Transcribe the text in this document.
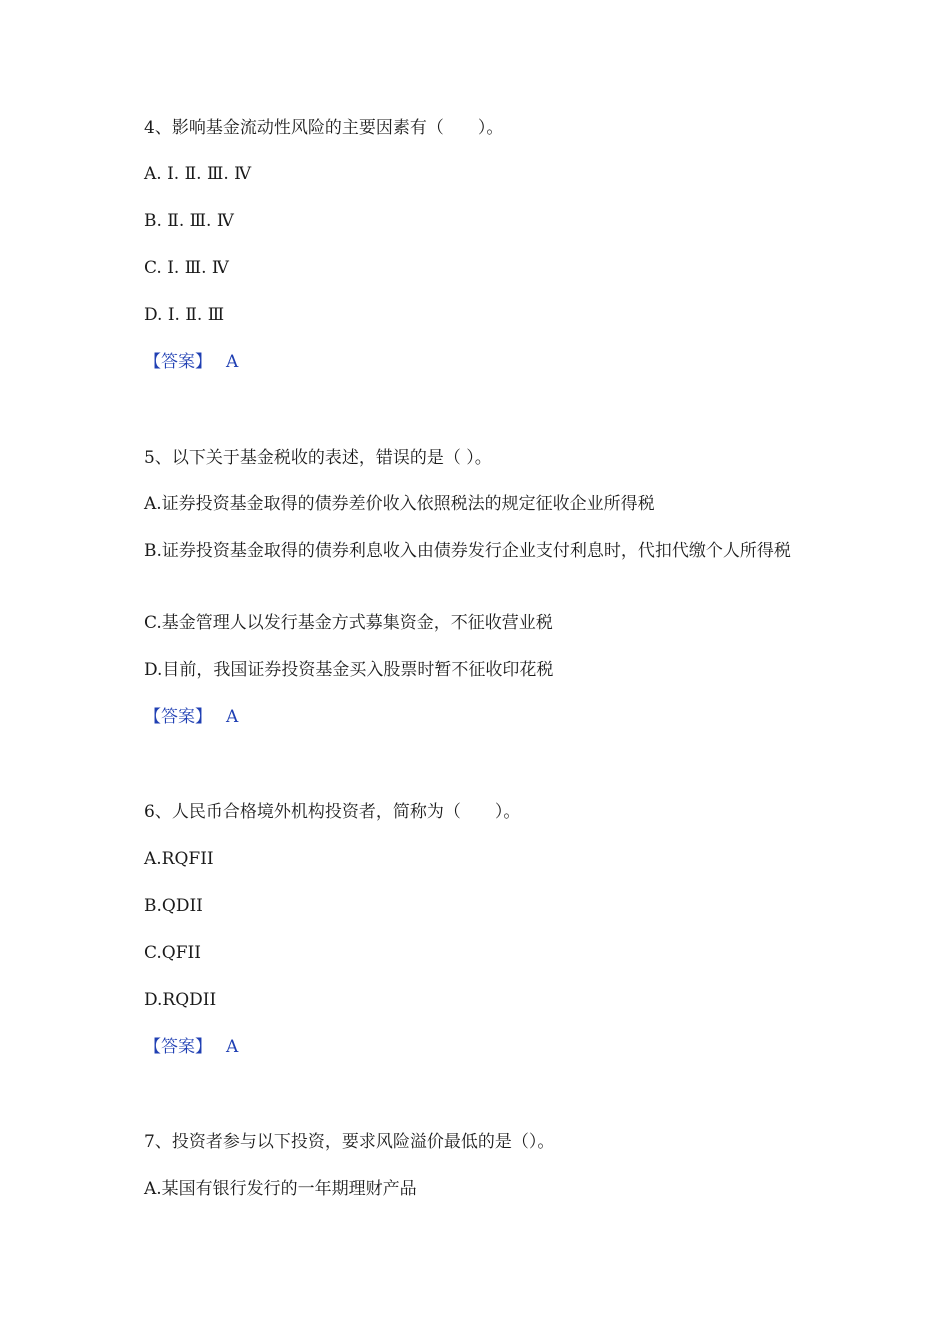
4、影响基金流动性风险的主要因素有（　　）。
A. Ⅰ. Ⅱ. Ⅲ. Ⅳ
B. Ⅱ. Ⅲ. Ⅳ
C. Ⅰ. Ⅲ. Ⅳ
D. Ⅰ. Ⅱ. Ⅲ
【答案】 A
5、以下关于基金税收的表述，错误的是（ ）。
A.证券投资基金取得的债券差价收入依照税法的规定征收企业所得税
B.证券投资基金取得的债券利息收入由债券发行企业支付利息时，代扣代缴个人所得税
C.基金管理人以发行基金方式募集资金，不征收营业税
D.目前，我国证券投资基金买入股票时暂不征收印花税
【答案】 A
6、人民币合格境外机构投资者，简称为（　　）。
A.RQFII
B.QDII
C.QFII
D.RQDII
【答案】 A
7、投资者参与以下投资，要求风险溢价最低的是（）。
A.某国有银行发行的一年期理财产品
